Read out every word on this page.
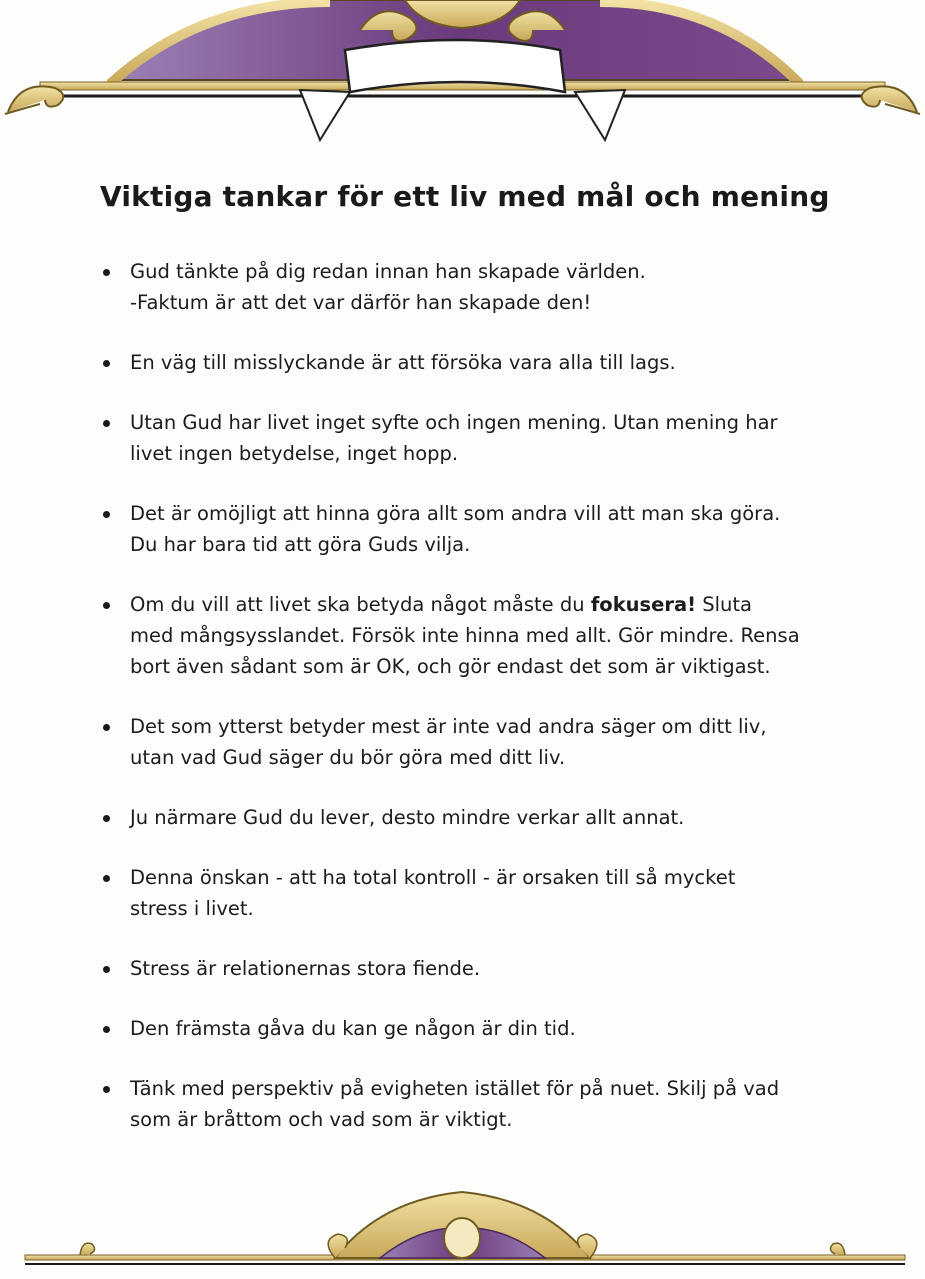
Viktiga tankar för ett liv med mål och mening
Gud tänkte på dig redan innan han skapade världen.
-Faktum är att det var därför han skapade den!
En väg till misslyckande är att försöka vara alla till lags.
Utan Gud har livet inget syfte och ingen mening. Utan mening har
livet ingen betydelse, inget hopp.
Det är omöjligt att hinna göra allt som andra vill att man ska göra.
Du har bara tid att göra Guds vilja.
Om du vill att livet ska betyda något måste du fokusera! Sluta
med mångsysslandet. Försök inte hinna med allt. Gör mindre. Rensa
bort även sådant som är OK, och gör endast det som är viktigast.
Det som ytterst betyder mest är inte vad andra säger om ditt liv,
utan vad Gud säger du bör göra med ditt liv.
Ju närmare Gud du lever, desto mindre verkar allt annat.
Denna önskan - att ha total kontroll - är orsaken till så mycket
stress i livet.
Stress är relationernas stora fiende.
Den främsta gåva du kan ge någon är din tid.
Tänk med perspektiv på evigheten istället för på nuet. Skilj på vad
som är bråttom och vad som är viktigt.
